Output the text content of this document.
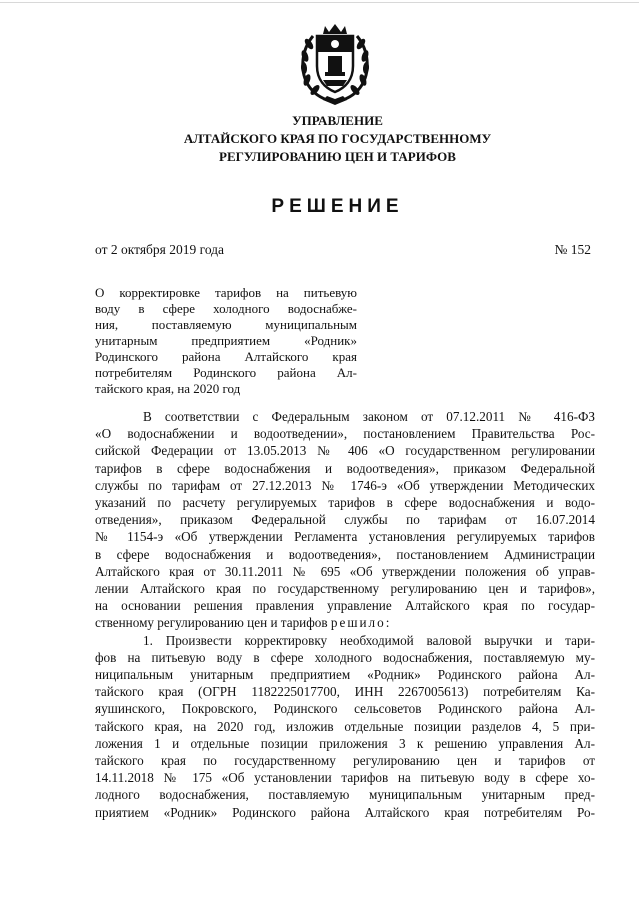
УПРАВЛЕНИЕ
АЛТАЙСКОГО КРАЯ ПО ГОСУДАРСТВЕННОМУ
РЕГУЛИРОВАНИЮ ЦЕН И ТАРИФОВ
РЕШЕНИЕ
от 2 октября 2019 года	№ 152
О корректировке тарифов на питьевую
воду в сфере холодного водоснабже-
ния, поставляемую муниципальным
унитарным предприятием «Родник»
Родинского района Алтайского края
потребителям Родинского района Ал-
тайского края, на 2020 год
В соответствии с Федеральным законом от 07.12.2011 № 416-ФЗ
«О водоснабжении и водоотведении», постановлением Правительства Рос-
сийской Федерации от 13.05.2013 № 406 «О государственном регулировании
тарифов в сфере водоснабжения и водоотведения», приказом Федеральной
службы по тарифам от 27.12.2013 № 1746-э «Об утверждении Методических
указаний по расчету регулируемых тарифов в сфере водоснабжения и водо-
отведения», приказом Федеральной службы по тарифам от 16.07.2014
№ 1154-э «Об утверждении Регламента установления регулируемых тарифов
в сфере водоснабжения и водоотведения», постановлением Администрации
Алтайского края от 30.11.2011 № 695 «Об утверждении положения об управ-
лении Алтайского края по государственному регулированию цен и тарифов»,
на основании решения правления управление Алтайского края по государ-
ственному регулированию цен и тарифов решило:
1. Произвести корректировку необходимой валовой выручки и тари-
фов на питьевую воду в сфере холодного водоснабжения, поставляемую му-
ниципальным унитарным предприятием «Родник» Родинского района Ал-
тайского края (ОГРН 1182225017700, ИНН 2267005613) потребителям Ка-
яушинского, Покровского, Родинского сельсоветов Родинского района Ал-
тайского края, на 2020 год, изложив отдельные позиции разделов 4, 5 при-
ложения 1 и отдельные позиции приложения 3 к решению управления Ал-
тайского края по государственному регулированию цен и тарифов от
14.11.2018 № 175 «Об установлении тарифов на питьевую воду в сфере хо-
лодного водоснабжения, поставляемую муниципальным унитарным пред-
приятием «Родник» Родинского района Алтайского края потребителям Ро-
